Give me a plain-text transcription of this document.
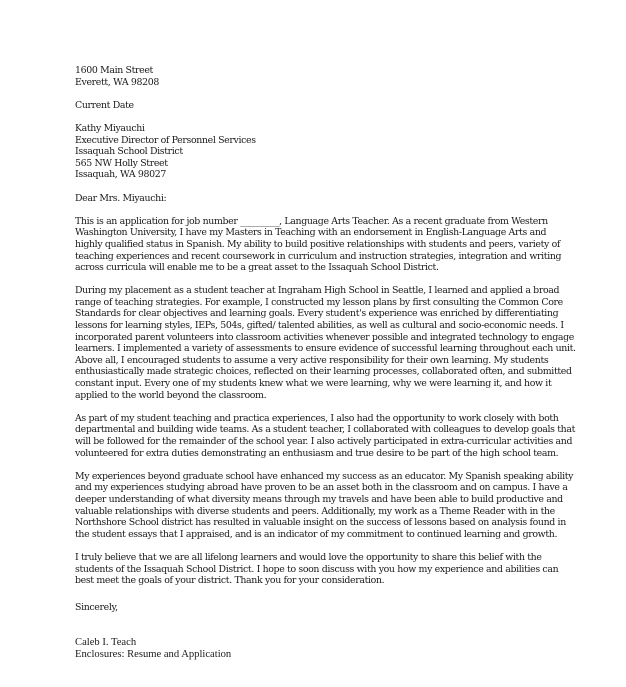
1600 Main Street
Everett, WA 98208
Current Date
Kathy Miyauchi
Executive Director of Personnel Services
Issaquah School District
565 NW Holly Street
Issaquah, WA 98027
Dear Mrs. Miyauchi:
This is an application for job number _________, Language Arts Teacher. As a recent graduate from Western
Washington University, I have my Masters in Teaching with an endorsement in English-Language Arts and
highly qualified status in Spanish. My ability to build positive relationships with students and peers, variety of
teaching experiences and recent coursework in curriculum and instruction strategies, integration and writing
across curricula will enable me to be a great asset to the Issaquah School District.
During my placement as a student teacher at Ingraham High School in Seattle, I learned and applied a broad
range of teaching strategies. For example, I constructed my lesson plans by first consulting the Common Core
Standards for clear objectives and learning goals. Every student's experience was enriched by differentiating
lessons for learning styles, IEPs, 504s, gifted/ talented abilities, as well as cultural and socio-economic needs. I
incorporated parent volunteers into classroom activities whenever possible and integrated technology to engage
learners. I implemented a variety of assessments to ensure evidence of successful learning throughout each unit.
Above all, I encouraged students to assume a very active responsibility for their own learning. My students
enthusiastically made strategic choices, reflected on their learning processes, collaborated often, and submitted
constant input. Every one of my students knew what we were learning, why we were learning it, and how it
applied to the world beyond the classroom.
As part of my student teaching and practica experiences, I also had the opportunity to work closely with both
departmental and building wide teams. As a student teacher, I collaborated with colleagues to develop goals that
will be followed for the remainder of the school year. I also actively participated in extra-curricular activities and
volunteered for extra duties demonstrating an enthusiasm and true desire to be part of the high school team.
My experiences beyond graduate school have enhanced my success as an educator. My Spanish speaking ability
and my experiences studying abroad have proven to be an asset both in the classroom and on campus. I have a
deeper understanding of what diversity means through my travels and have been able to build productive and
valuable relationships with diverse students and peers. Additionally, my work as a Theme Reader with in the
Northshore School district has resulted in valuable insight on the success of lessons based on analysis found in
the student essays that I appraised, and is an indicator of my commitment to continued learning and growth.
I truly believe that we are all lifelong learners and would love the opportunity to share this belief with the
students of the Issaquah School District. I hope to soon discuss with you how my experience and abilities can
best meet the goals of your district. Thank you for your consideration.
Sincerely,
Caleb I. Teach
Enclosures: Resume and Application
